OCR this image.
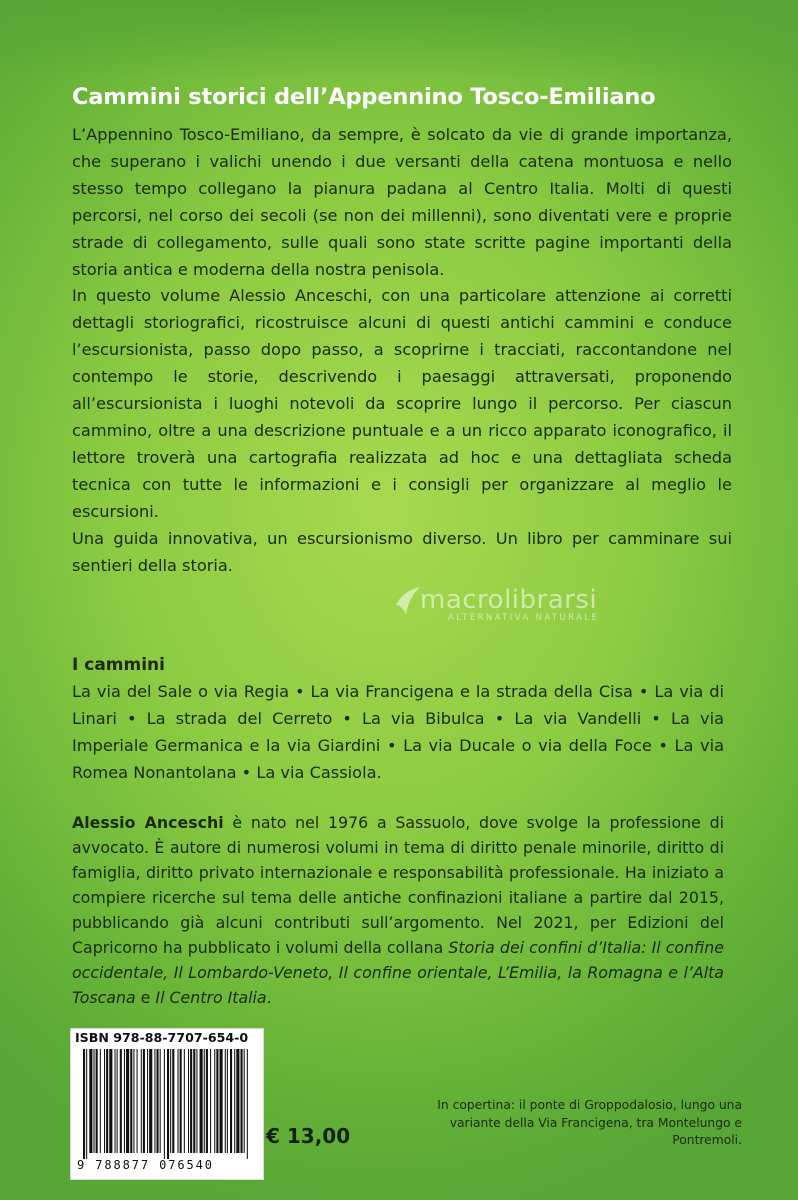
Cammini storici dell’Appennino Tosco-Emiliano

L’Appennino Tosco-Emiliano, da sempre, è solcato da vie di grande importanza, che superano i valichi unendo i due versanti della catena montuosa e nello stesso tempo collegano la pianura padana al Centro Italia. Molti di questi percorsi, nel corso dei secoli (se non dei millenni), sono diventati vere e proprie strade di collegamento, sulle quali sono state scritte pagine importanti della storia antica e moderna della nostra penisola.

In questo volume Alessio Anceschi, con una particolare attenzione ai corretti dettagli storiografici, ricostruisce alcuni di questi antichi cammini e conduce l’escursionista, passo dopo passo, a scoprirne i tracciati, raccontandone nel contempo le storie, descrivendo i paesaggi attraversati, proponendo all’escursionista i luoghi notevoli da scoprire lungo il percorso. Per ciascun cammino, oltre a una descrizione puntuale e a un ricco apparato iconografico, il lettore troverà una cartografia realizzata ad hoc e una dettagliata scheda tecnica con tutte le informazioni e i consigli per organizzare al meglio le escursioni.

Una guida innovativa, un escursionismo diverso. Un libro per camminare sui sentieri della storia.

macrolibrarsi
ALTERNATIVA NATURALE
I cammini

La via del Sale o via Regia • La via Francigena e la strada della Cisa • La via di Linari • La strada del Cerreto • La via Bibulca • La via Vandelli • La via Imperiale Germanica e la via Giardini • La via Ducale o via della Foce • La via Romea Nonantolana • La via Cassiola.

Alessio Anceschi è nato nel 1976 a Sassuolo, dove svolge la professione di avvocato. È autore di numerosi volumi in tema di diritto penale minorile, diritto di famiglia, diritto privato internazionale e responsabilità professionale. Ha iniziato a compiere ricerche sul tema delle antiche confinazioni italiane a partire dal 2015, pubblicando già alcuni contributi sull’argomento. Nel 2021, per Edizioni del Capricorno ha pubblicato i volumi della collana Storia dei confini d’Italia: Il confine occidentale, Il Lombardo-Veneto, Il confine orientale, L’Emilia, la Romagna e l’Alta Toscana e Il Centro Italia.

ISBN 978-88-7707-654-0

9 788877 076540

€ 13,00

In copertina: il ponte di Groppodalosio, lungo una variante della Via Francigena, tra Montelungo e Pontremoli.
